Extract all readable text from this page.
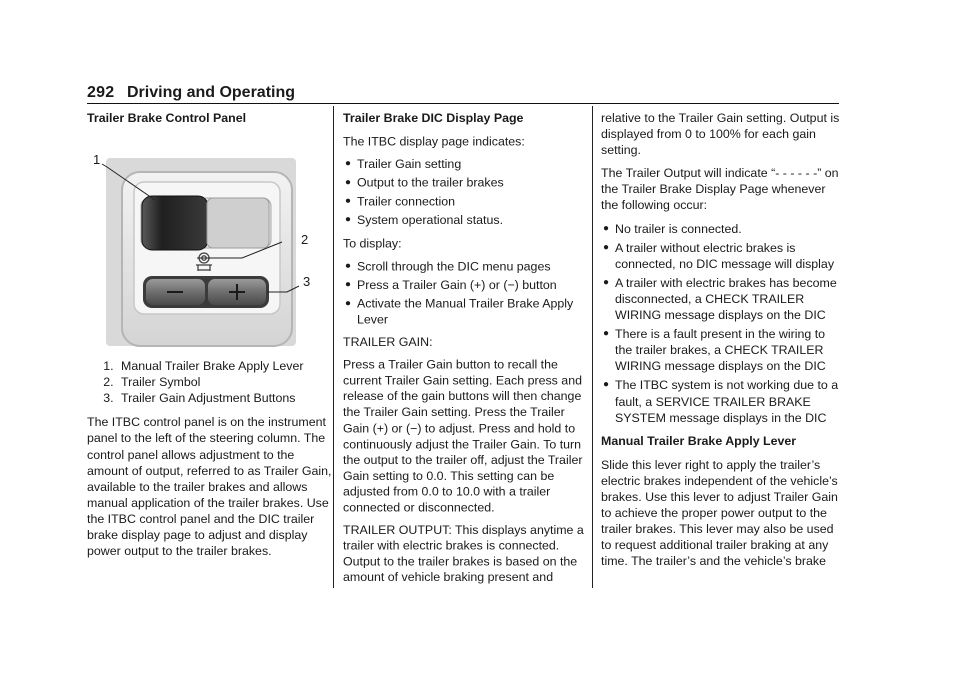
292 Driving and Operating

Trailer Brake Control Panel

1
2
3
1. Manual Trailer Brake Apply Lever
2. Trailer Symbol
3. Trailer Gain Adjustment Buttons

The ITBC control panel is on the instrument panel to the left of the steering column. The control panel allows adjustment to the amount of output, referred to as Trailer Gain, available to the trailer brakes and allows manual application of the trailer brakes. Use the ITBC control panel and the DIC trailer brake display page to adjust and display power output to the trailer brakes.

Trailer Brake DIC Display Page

The ITBC display page indicates:

● Trailer Gain setting
● Output to the trailer brakes
● Trailer connection
● System operational status.

To display:

● Scroll through the DIC menu pages
● Press a Trailer Gain (+) or (−) button
● Activate the Manual Trailer Brake Apply Lever

TRAILER GAIN:

Press a Trailer Gain button to recall the current Trailer Gain setting. Each press and release of the gain buttons will then change the Trailer Gain setting. Press the Trailer Gain (+) or (−) to adjust. Press and hold to continuously adjust the Trailer Gain. To turn the output to the trailer off, adjust the Trailer Gain setting to 0.0. This setting can be adjusted from 0.0 to 10.0 with a trailer connected or disconnected.

TRAILER OUTPUT: This displays anytime a trailer with electric brakes is connected. Output to the trailer brakes is based on the amount of vehicle braking present and

relative to the Trailer Gain setting. Output is displayed from 0 to 100% for each gain setting.

The Trailer Output will indicate “- - - - - -” on the Trailer Brake Display Page whenever the following occur:

● No trailer is connected.
● A trailer without electric brakes is connected, no DIC message will display
● A trailer with electric brakes has become disconnected, a CHECK TRAILER WIRING message displays on the DIC
● There is a fault present in the wiring to the trailer brakes, a CHECK TRAILER WIRING message displays on the DIC
● The ITBC system is not working due to a fault, a SERVICE TRAILER BRAKE SYSTEM message displays in the DIC

Manual Trailer Brake Apply Lever

Slide this lever right to apply the trailer’s electric brakes independent of the vehicle’s brakes. Use this lever to adjust Trailer Gain to achieve the proper power output to the trailer brakes. This lever may also be used to request additional trailer braking at any time. The trailer’s and the vehicle’s brake
